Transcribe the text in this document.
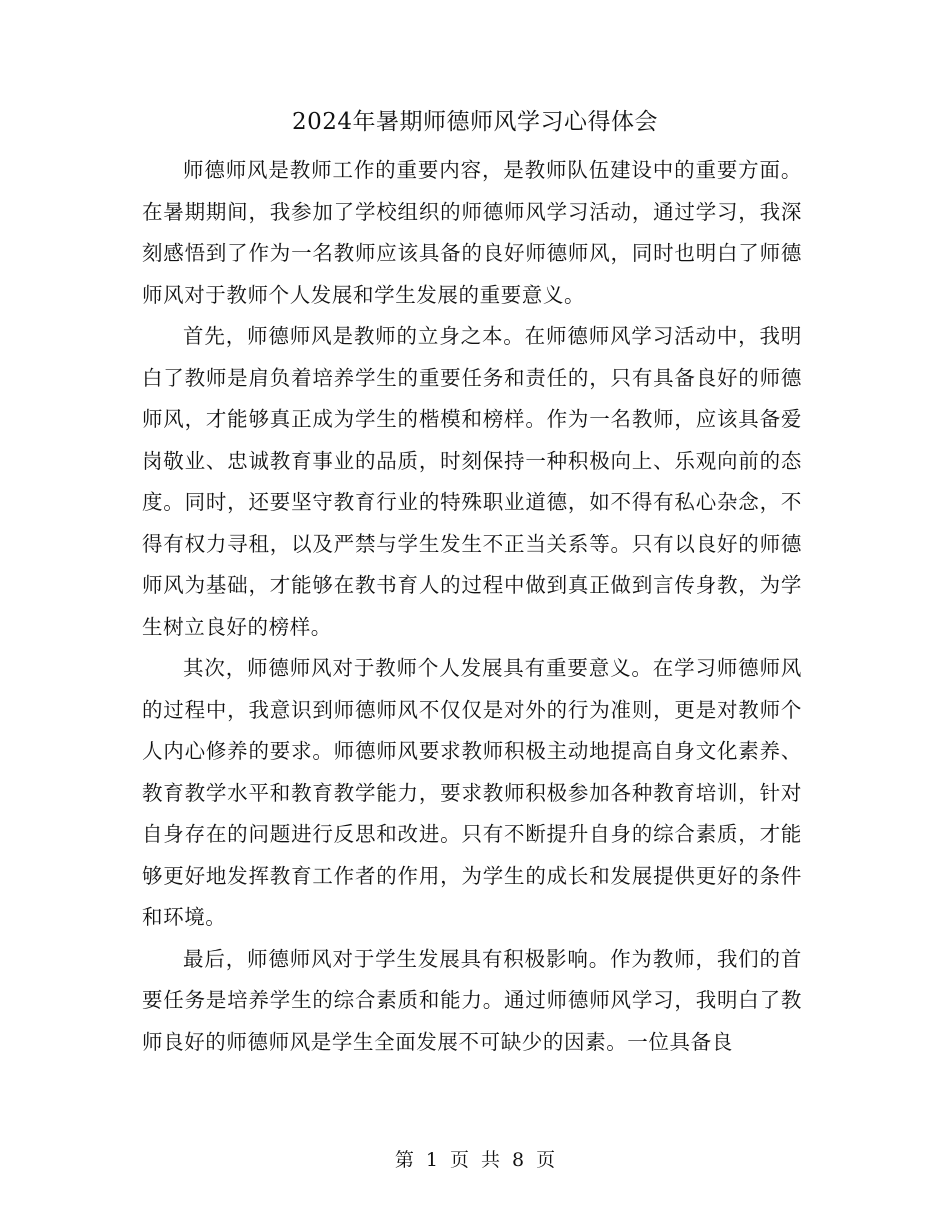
2024年暑期师德师风学习心得体会

师德师风是教师工作的重要内容，是教师队伍建设中的重要方面。在暑期期间，我参加了学校组织的师德师风学习活动，通过学习，我深刻感悟到了作为一名教师应该具备的良好师德师风，同时也明白了师德师风对于教师个人发展和学生发展的重要意义。

首先，师德师风是教师的立身之本。在师德师风学习活动中，我明白了教师是肩负着培养学生的重要任务和责任的，只有具备良好的师德师风，才能够真正成为学生的楷模和榜样。作为一名教师，应该具备爱岗敬业、忠诚教育事业的品质，时刻保持一种积极向上、乐观向前的态度。同时，还要坚守教育行业的特殊职业道德，如不得有私心杂念，不得有权力寻租，以及严禁与学生发生不正当关系等。只有以良好的师德师风为基础，才能够在教书育人的过程中做到真正做到言传身教，为学生树立良好的榜样。

其次，师德师风对于教师个人发展具有重要意义。在学习师德师风的过程中，我意识到师德师风不仅仅是对外的行为准则，更是对教师个人内心修养的要求。师德师风要求教师积极主动地提高自身文化素养、教育教学水平和教育教学能力，要求教师积极参加各种教育培训，针对自身存在的问题进行反思和改进。只有不断提升自身的综合素质，才能够更好地发挥教育工作者的作用，为学生的成长和发展提供更好的条件和环境。

最后，师德师风对于学生发展具有积极影响。作为教师，我们的首要任务是培养学生的综合素质和能力。通过师德师风学习，我明白了教师良好的师德师风是学生全面发展不可缺少的因素。一位具备良

第 1 页 共 8 页
